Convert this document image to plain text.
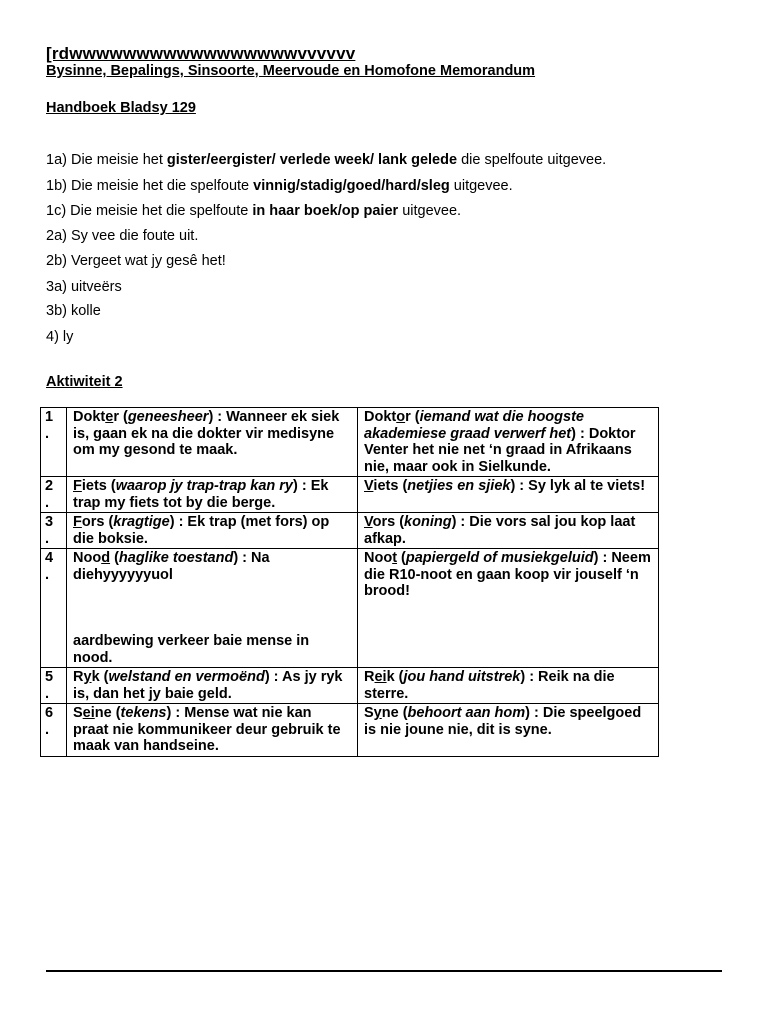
[rdwwwwwwwwwwwwwwwwwvvvvvv
Bysinne, Bepalings, Sinsoorte, Meervoude en Homofone Memorandum
Handboek Bladsy 129
1a) Die meisie het gister/eergister/ verlede week/ lank gelede die spelfoute uitgevee.
1b) Die meisie het die spelfoute vinnig/stadig/goed/hard/sleg uitgevee.
1c) Die meisie het die spelfoute in haar boek/op paier uitgevee.
2a) Sy vee die foute uit.
2b) Vergeet wat jy gesê het!
3a) uitveërs
3b) kolle
4) ly
Aktiwiteit 2
1
.	Dokter (geneesheer) : Wanneer ek siek is, gaan ek na die dokter vir medisyne om my gesond te maak.	Doktor (iemand wat die hoogste akademiese graad verwerf het) : Doktor Venter het nie net ‘n graad in Afrikaans nie, maar ook in Sielkunde.
2
.	Fiets (waarop jy trap-trap kan ry) : Ek trap my fiets tot by die berge.	Viets (netjies en sjiek) : Sy lyk al te viets!
3
.	Fors (kragtige) : Ek trap (met fors) op die boksie.	Vors (koning) : Die vors sal jou kop laat afkap.
4
.	Nood (haglike toestand) : Na diehyyyyyyuol
aardbewing verkeer baie mense in nood.	Noot (papiergeld of musiekgeluid) : Neem die R10-noot en gaan koop vir jouself ‘n brood!
5
.	Ryk (welstand en vermoënd) : As jy ryk is, dan het jy baie geld.	Reik (jou hand uitstrek) : Reik na die sterre.
6
.	Seine (tekens) : Mense wat nie kan praat nie kommunikeer deur gebruik te maak van handseine.	Syne (behoort aan hom) : Die speelgoed is nie joune nie, dit is syne.
